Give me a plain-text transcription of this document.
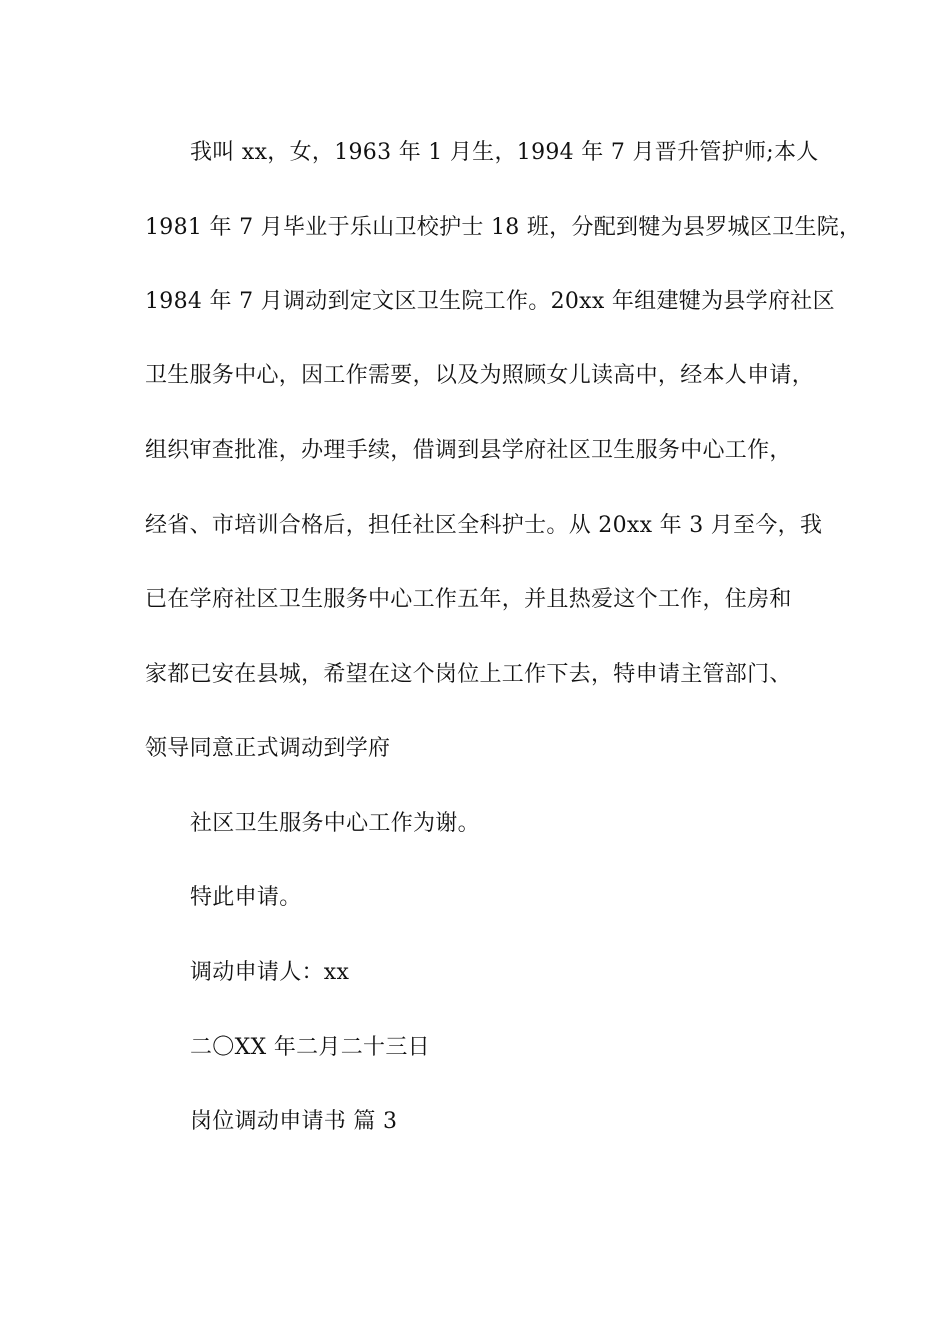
我叫 xx，女，1963 年 1 月生，1994 年 7 月晋升管护师;本人
1981 年 7 月毕业于乐山卫校护士 18 班，分配到犍为县罗城区卫生院，
1984 年 7 月调动到定文区卫生院工作。20xx 年组建犍为县学府社区
卫生服务中心，因工作需要，以及为照顾女儿读高中，经本人申请，
组织审查批准，办理手续，借调到县学府社区卫生服务中心工作，
经省、市培训合格后，担任社区全科护士。从 20xx 年 3 月至今，我
已在学府社区卫生服务中心工作五年，并且热爱这个工作，住房和
家都已安在县城，希望在这个岗位上工作下去，特申请主管部门、
领导同意正式调动到学府
社区卫生服务中心工作为谢。
特此申请。
调动申请人：xx
二〇XX 年二月二十三日
岗位调动申请书 篇 3
